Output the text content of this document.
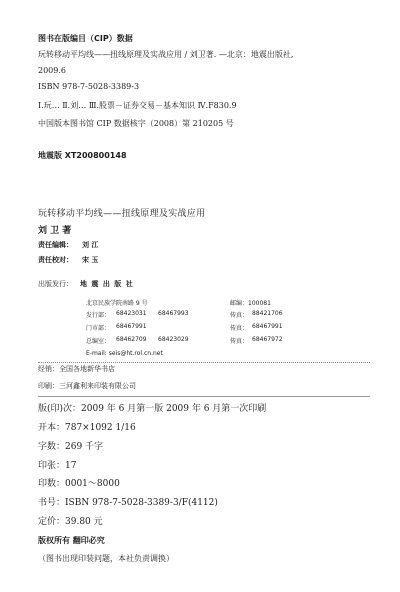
图书在版编目（CIP）数据
玩转移动平均线——扭线原理及实战应用 / 刘卫著. —北京：地震出版社,
2009.6
ISBN 978-7-5028-3389-3
Ⅰ.玩… Ⅱ.刘… Ⅲ.股票－证券交易－基本知识 Ⅳ.F830.9
中国版本图书馆 CIP 数据核字（2008）第 210205 号
地震版 XT200800148
玩转移动平均线——扭线原理及实战应用
刘 卫 著
责任编辑： 刘 江
责任校对： 宋 玉
出版发行： 地 震 出 版 社
北京民族学院南路 9 号	邮编：100081
发行部： 68423031 68467993	传真： 88421706
门市部： 68467991	传真： 68467991
总编室： 68462709 68423029	传真： 68467972
E-mail: seis@ht.rol.cn.net
经销：全国各地新华书店
印刷：三河鑫利来印装有限公司
版(印)次：2009 年 6 月第一版 2009 年 6 月第一次印刷
开本：787×1092 1/16
字数：269 千字
印张：17
印数：0001～8000
书号：ISBN 978-7-5028-3389-3/F(4112)
定价：39.80 元
版权所有 翻印必究
（图书出现印装问题，本社负责调换）
